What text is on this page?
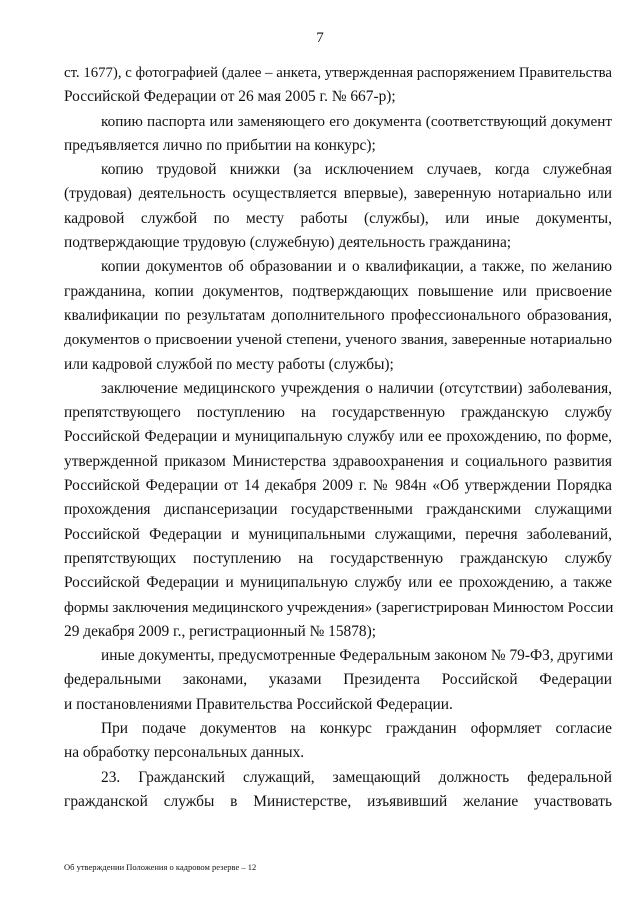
7
ст. 1677), с фотографией (далее – анкета, утвержденная распоряжением Правительства
Российской Федерации от 26 мая 2005 г. № 667-р);
копию паспорта или заменяющего его документа (соответствующий документ
предъявляется лично по прибытии на конкурс);
копию трудовой книжки (за исключением случаев, когда служебная
(трудовая) деятельность осуществляется впервые), заверенную нотариально или
кадровой службой по месту работы (службы), или иные документы,
подтверждающие трудовую (служебную) деятельность гражданина;
копии документов об образовании и о квалификации, а также, по желанию
гражданина, копии документов, подтверждающих повышение или присвоение
квалификации по результатам дополнительного профессионального образования,
документов о присвоении ученой степени, ученого звания, заверенные нотариально
или кадровой службой по месту работы (службы);
заключение медицинского учреждения о наличии (отсутствии) заболевания,
препятствующего поступлению на государственную гражданскую службу
Российской Федерации и муниципальную службу или ее прохождению, по форме,
утвержденной приказом Министерства здравоохранения и социального развития
Российской Федерации от 14 декабря 2009 г. № 984н «Об утверждении Порядка
прохождения диспансеризации государственными гражданскими служащими
Российской Федерации и муниципальными служащими, перечня заболеваний,
препятствующих поступлению на государственную гражданскую службу
Российской Федерации и муниципальную службу или ее прохождению, а также
формы заключения медицинского учреждения» (зарегистрирован Минюстом России
29 декабря 2009 г., регистрационный № 15878);
иные документы, предусмотренные Федеральным законом № 79-ФЗ, другими
федеральными законами, указами Президента Российской Федерации
и постановлениями Правительства Российской Федерации.
При подаче документов на конкурс гражданин оформляет согласие
на обработку персональных данных.
23. Гражданский служащий, замещающий должность федеральной
гражданской службы в Министерстве, изъявивший желание участвовать
Об утверждении Положения о кадровом резерве – 12
